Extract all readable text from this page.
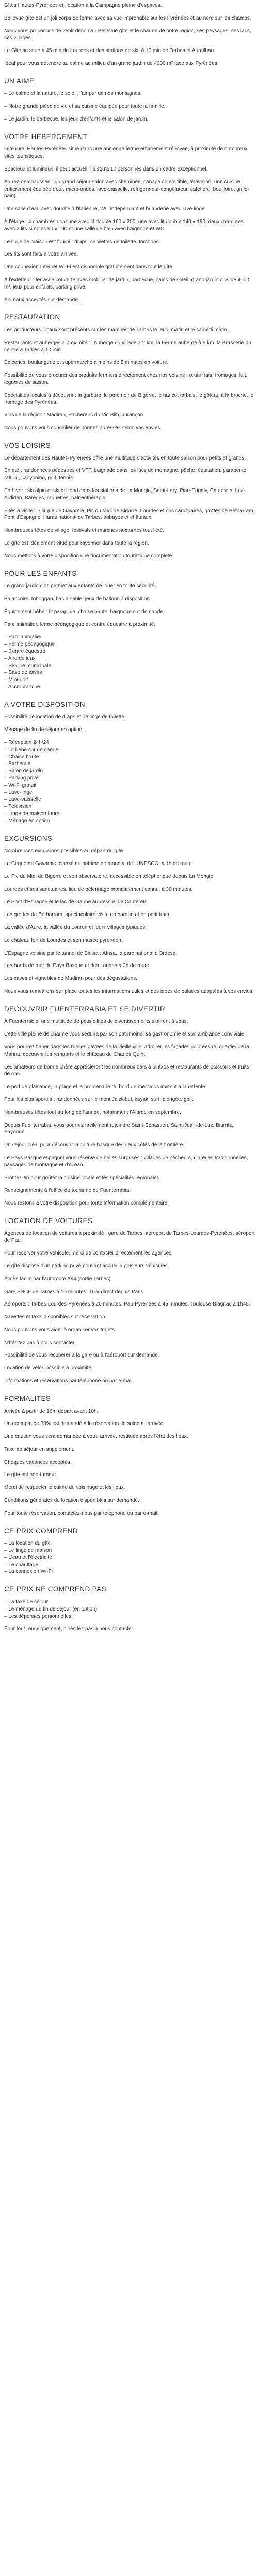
Gîtes Hautes-Pyrénées en location à la Campagne pleine d'espaces.

Bellevue gîte est un joli corps de ferme avec sa vue imprenable sur les Pyrénées et au nord sur les champs.

Nous vous proposons de venir découvrir Bellevue gîte et le charme de notre région, ses paysages, ses lacs, ses villages.

Le Gîte se situe à 45 min de Lourdes et des stations de ski, à 10 min de Tarbes et Aureilhan.

Idéal pour vous détendre au calme au milieu d'un grand jardin de 4000 m² face aux Pyrénées.

UN AIME

– Le calme et la nature, le soleil, l'air pur de nos montagnes.

– Notre grande pièce de vie et sa cuisine équipée pour toute la famille.

– Le jardin, le barbecue, les jeux d'enfants et le salon de jardin.

VOTRE HÉBERGEMENT

Gîte rural Hautes-Pyrénées situé dans une ancienne ferme entièrement rénovée, à proximité de nombreux sites touristiques.

Spacieux et lumineux, il peut accueillir jusqu'à 10 personnes dans un cadre exceptionnel.

Au rez-de-chaussée : un grand séjour-salon avec cheminée, canapé convertible, télévision, une cuisine entièrement équipée (four, micro-ondes, lave-vaisselle, réfrigérateur-congélateur, cafetière, bouilloire, grille-pain).

Une salle d'eau avec douche à l'italienne, WC indépendant et buanderie avec lave-linge.

À l'étage : 4 chambres dont une avec lit double 160 x 200, une avec lit double 140 x 190, deux chambres avec 2 lits simples 90 x 190 et une salle de bain avec baignoire et WC.

Le linge de maison est fourni : draps, serviettes de toilette, torchons.

Les lits sont faits à votre arrivée.

Une connexion Internet Wi-Fi est disponible gratuitement dans tout le gîte.

À l'extérieur : terrasse couverte avec mobilier de jardin, barbecue, bains de soleil, grand jardin clos de 4000 m², jeux pour enfants, parking privé.

Animaux acceptés sur demande.

RESTAURATION

Les producteurs locaux sont présents sur les marchés de Tarbes le jeudi matin et le samedi matin.

Restaurants et auberges à proximité : l'Auberge du village à 2 km, la Ferme auberge à 5 km, la Brasserie du centre à Tarbes à 10 min.

Épiceries, boulangerie et supermarché à moins de 5 minutes en voiture.

Possibilité de vous procurer des produits fermiers directement chez nos voisins : œufs frais, fromages, lait, légumes de saison.

Spécialités locales à découvrir : la garbure, le porc noir de Bigorre, le haricot tarbais, le gâteau à la broche, le fromage des Pyrénées.

Vins de la région : Madiran, Pacherenc du Vic-Bilh, Jurançon.

Nous pouvons vous conseiller de bonnes adresses selon vos envies.

VOS LOISIRS

Le département des Hautes-Pyrénées offre une multitude d'activités en toute saison pour petits et grands.

En été : randonnées pédestres et VTT, baignade dans les lacs de montagne, pêche, équitation, parapente, rafting, canyoning, golf, tennis.

En hiver : ski alpin et ski de fond dans les stations de La Mongie, Saint-Lary, Piau-Engaly, Cauterets, Luz-Ardiden, Barèges, raquettes, balnéothérapie.

Sites à visiter : Cirque de Gavarnie, Pic du Midi de Bigorre, Lourdes et ses sanctuaires, grottes de Bétharram, Pont d'Espagne, Haras national de Tarbes, abbayes et châteaux.

Nombreuses fêtes de village, festivals et marchés nocturnes tout l'été.

Le gîte est idéalement situé pour rayonner dans toute la région.

Nous mettons à votre disposition une documentation touristique complète.

POUR LES ENFANTS

Le grand jardin clos permet aux enfants de jouer en toute sécurité.

Balançoire, toboggan, bac à sable, jeux de ballons à disposition.

Équipement bébé : lit parapluie, chaise haute, baignoire sur demande.

Parc animalier, ferme pédagogique et centre équestre à proximité.

– Parc animalier
– Ferme pédagogique
– Centre équestre
– Aire de jeux
– Piscine municipale
– Base de loisirs
– Mini-golf
– Accrobranche
A VOTRE DISPOSITION

Possibilité de location de draps et de linge de toilette.

Ménage de fin de séjour en option.

– Réception 24h/24
– Lit bébé sur demande
– Chaise haute
– Barbecue
– Salon de jardin
– Parking privé
– Wi-Fi gratuit
– Lave-linge
– Lave-vaisselle
– Télévision
– Linge de maison fourni
– Ménage en option
EXCURSIONS

Nombreuses excursions possibles au départ du gîte.

Le Cirque de Gavarnie, classé au patrimoine mondial de l'UNESCO, à 1h de route.

Le Pic du Midi de Bigorre et son observatoire, accessible en téléphérique depuis La Mongie.

Lourdes et ses sanctuaires, lieu de pèlerinage mondialement connu, à 30 minutes.

Le Pont d'Espagne et le lac de Gaube au-dessus de Cauterets.

Les grottes de Bétharram, spectaculaire visite en barque et en petit train.

La vallée d'Aure, la vallée du Louron et leurs villages typiques.

Le château fort de Lourdes et son musée pyrénéen.

L'Espagne voisine par le tunnel de Bielsa : Aínsa, le parc national d'Ordesa.

Les bords de mer du Pays Basque et des Landes à 2h de route.

Les caves et vignobles de Madiran pour des dégustations.

Nous vous remettrons sur place toutes les informations utiles et des idées de balades adaptées à vos envies.

DECOUVRIR FUENTERRABIA ET SE DIVERTIR

À Fuenterrabia, une multitude de possibilités de divertissements s'offrent à vous.

Cette ville pleine de charme vous séduira par son patrimoine, sa gastronomie et son ambiance conviviale.

Vous pourrez flâner dans les ruelles pavées de la vieille ville, admirer les façades colorées du quartier de la Marina, découvrir les remparts et le château de Charles Quint.

Les amateurs de bonne chère apprécieront les nombreux bars à pintxos et restaurants de poissons et fruits de mer.

Le port de plaisance, la plage et la promenade du bord de mer vous invitent à la détente.

Pour les plus sportifs : randonnées sur le mont Jaizkibel, kayak, surf, plongée, golf.

Nombreuses fêtes tout au long de l'année, notamment l'Alarde en septembre.

Depuis Fuenterrabia, vous pourrez facilement rejoindre Saint-Sébastien, Saint-Jean-de-Luz, Biarritz, Bayonne.

Un séjour idéal pour découvrir la culture basque des deux côtés de la frontière.

Le Pays Basque espagnol vous réserve de belles surprises : villages de pêcheurs, cidreries traditionnelles, paysages de montagne et d'océan.

Profitez-en pour goûter la cuisine locale et les spécialités régionales.

Renseignements à l'office du tourisme de Fuenterrabia.

Nous restons à votre disposition pour toute information complémentaire.

LOCATION DE VOITURES

Agences de location de voitures à proximité : gare de Tarbes, aéroport de Tarbes-Lourdes-Pyrénées, aéroport de Pau.

Pour réserver votre véhicule, merci de contacter directement les agences.

Le gîte dispose d'un parking privé pouvant accueillir plusieurs véhicules.

Accès facile par l'autoroute A64 (sortie Tarbes).

Gare SNCF de Tarbes à 10 minutes, TGV direct depuis Paris.

Aéroports : Tarbes-Lourdes-Pyrénées à 20 minutes, Pau-Pyrénées à 45 minutes, Toulouse-Blagnac à 1h45.

Navettes et taxis disponibles sur réservation.

Nous pouvons vous aider à organiser vos trajets.

N'hésitez pas à nous contacter.

Possibilité de vous récupérer à la gare ou à l'aéroport sur demande.

Location de vélos possible à proximité.

Informations et réservations par téléphone ou par e-mail.

FORMALITÉS

Arrivée à partir de 16h, départ avant 10h.

Un acompte de 30% est demandé à la réservation, le solde à l'arrivée.

Une caution vous sera demandée à votre arrivée, restituée après l'état des lieux.

Taxe de séjour en supplément.

Chèques vacances acceptés.

Le gîte est non-fumeur.

Merci de respecter le calme du voisinage et les lieux.

Conditions générales de location disponibles sur demande.

Pour toute réservation, contactez-nous par téléphone ou par e-mail.

CE PRIX COMPREND
– La location du gîte
– Le linge de maison
– L'eau et l'électricité
– Le chauffage
– La connexion Wi-Fi
CE PRIX NE COMPREND PAS
– La taxe de séjour
– Le ménage de fin de séjour (en option)
– Les dépenses personnelles

Pour tout renseignement, n'hésitez pas à nous contacter.
